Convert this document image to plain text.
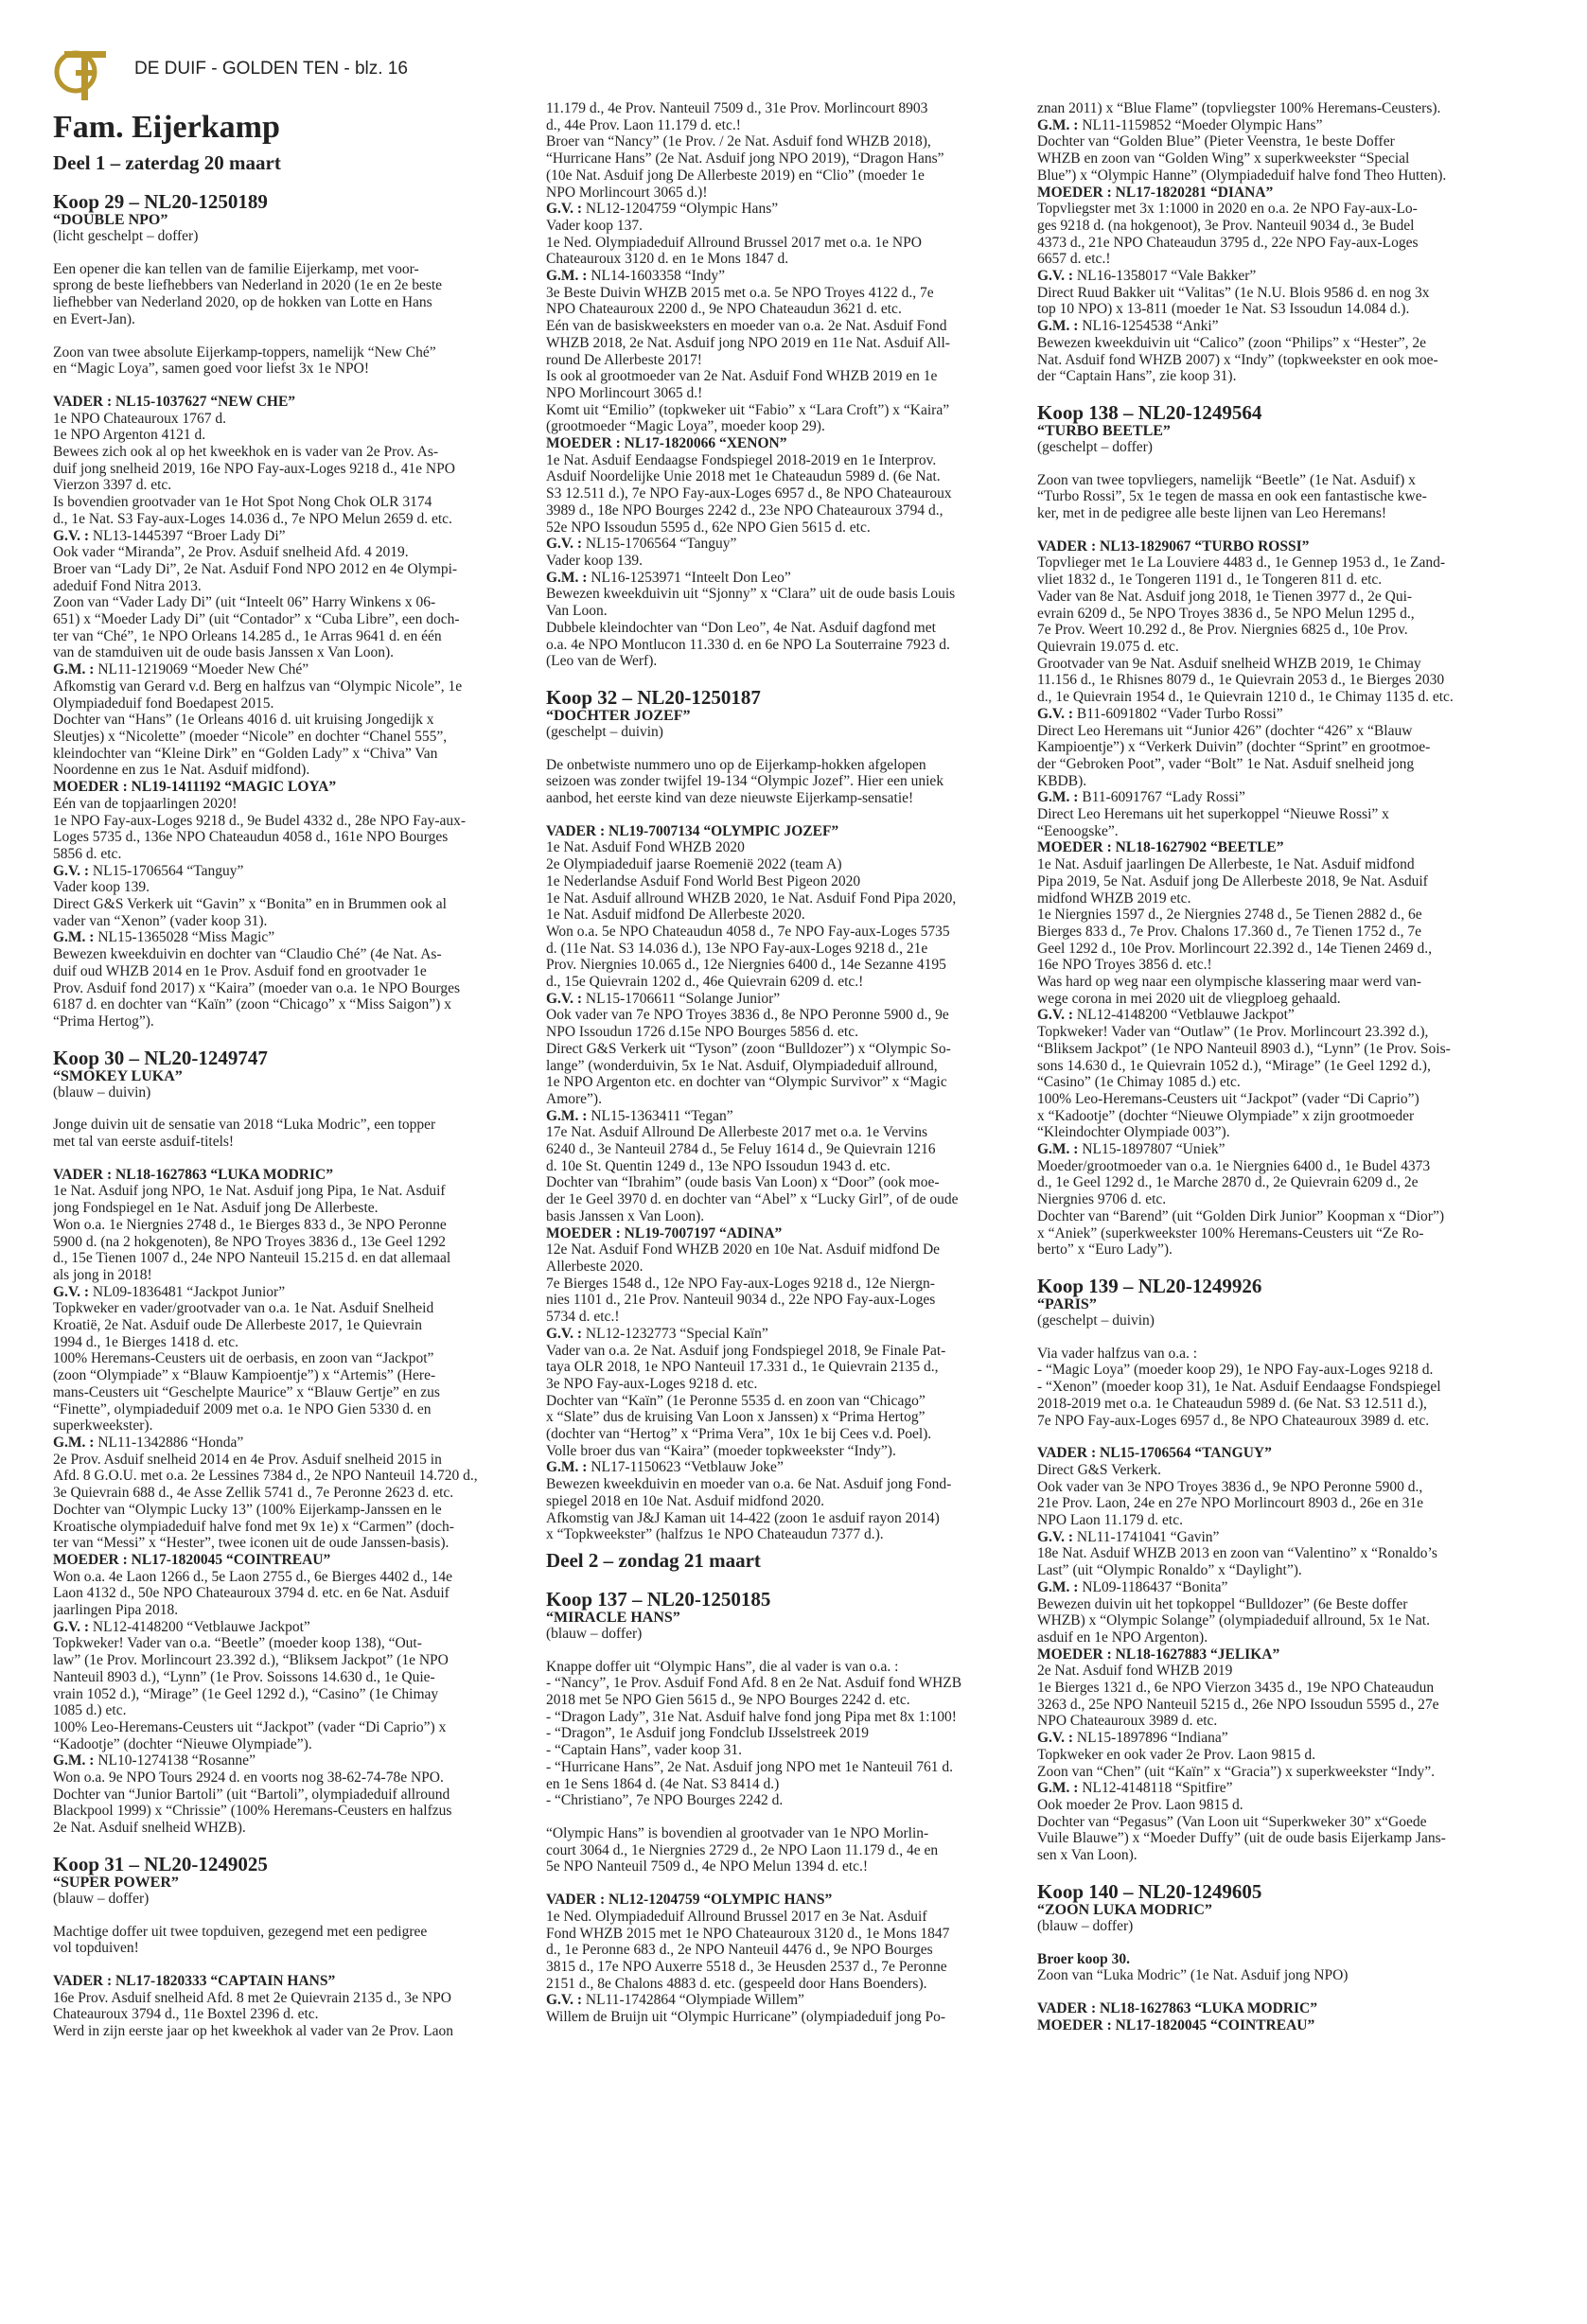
DE DUIF - GOLDEN TEN - blz. 16
Fam. Eijerkamp
Deel 1 – zaterdag 20 maart
Koop 29 – NL20-1250189
“DOUBLE NPO”
(licht geschelpt – doffer)
Een opener die kan tellen van de familie Eijerkamp, met voor-
sprong de beste liefhebbers van Nederland in 2020 (1e en 2e beste
liefhebber van Nederland 2020, op de hokken van Lotte en Hans
en Evert-Jan).
Zoon van twee absolute Eijerkamp-toppers, namelijk “New Ché”
en “Magic Loya”, samen goed voor liefst 3x 1e NPO!
VADER : NL15-1037627 “NEW CHE”
1e NPO Chateauroux 1767 d.
1e NPO Argenton 4121 d.
Bewees zich ook al op het kweekhok en is vader van 2e Prov. As-
duif jong snelheid 2019, 16e NPO Fay-aux-Loges 9218 d., 41e NPO
Vierzon 3397 d. etc.
Is bovendien grootvader van 1e Hot Spot Nong Chok OLR 3174
d., 1e Nat. S3 Fay-aux-Loges 14.036 d., 7e NPO Melun 2659 d. etc.
G.V. : NL13-1445397 “Broer Lady Di”
Ook vader “Miranda”, 2e Prov. Asduif snelheid Afd. 4 2019.
Broer van “Lady Di”, 2e Nat. Asduif Fond NPO 2012 en 4e Olympi-
adeduif Fond Nitra 2013.
Zoon van “Vader Lady Di” (uit “Inteelt 06” Harry Winkens x 06-
651) x “Moeder Lady Di” (uit “Contador” x “Cuba Libre”, een doch-
ter van “Ché”, 1e NPO Orleans 14.285 d., 1e Arras 9641 d. en één
van de stamduiven uit de oude basis Janssen x Van Loon).
G.M. : NL11-1219069 “Moeder New Ché”
Afkomstig van Gerard v.d. Berg en halfzus van “Olympic Nicole”, 1e
Olympiadeduif fond Boedapest 2015.
Dochter van “Hans” (1e Orleans 4016 d. uit kruising Jongedijk x
Sleutjes) x “Nicolette” (moeder “Nicole” en dochter “Chanel 555”,
kleindochter van “Kleine Dirk” en “Golden Lady” x “Chiva” Van
Noordenne en zus 1e Nat. Asduif midfond).
MOEDER : NL19-1411192 “MAGIC LOYA”
Eén van de topjaarlingen 2020!
1e NPO Fay-aux-Loges 9218 d., 9e Budel 4332 d., 28e NPO Fay-aux-
Loges 5735 d., 136e NPO Chateaudun 4058 d., 161e NPO Bourges
5856 d. etc.
G.V. : NL15-1706564 “Tanguy”
Vader koop 139.
Direct G&S Verkerk uit “Gavin” x “Bonita” en in Brummen ook al
vader van “Xenon” (vader koop 31).
G.M. : NL15-1365028 “Miss Magic”
Bewezen kweekduivin en dochter van “Claudio Ché” (4e Nat. As-
duif oud WHZB 2014 en 1e Prov. Asduif fond en grootvader 1e
Prov. Asduif fond 2017) x “Kaira” (moeder van o.a. 1e NPO Bourges
6187 d. en dochter van “Kaïn” (zoon “Chicago” x “Miss Saigon”) x
“Prima Hertog”).
Koop 30 – NL20-1249747
“SMOKEY LUKA”
(blauw – duivin)
Jonge duivin uit de sensatie van 2018 “Luka Modric”, een topper
met tal van eerste asduif-titels!
VADER : NL18-1627863 “LUKA MODRIC”
1e Nat. Asduif jong NPO, 1e Nat. Asduif jong Pipa, 1e Nat. Asduif
jong Fondspiegel en 1e Nat. Asduif jong De Allerbeste.
Won o.a. 1e Niergnies 2748 d., 1e Bierges 833 d., 3e NPO Peronne
5900 d. (na 2 hokgenoten), 8e NPO Troyes 3836 d., 13e Geel 1292
d., 15e Tienen 1007 d., 24e NPO Nanteuil 15.215 d. en dat allemaal
als jong in 2018!
G.V. : NL09-1836481 “Jackpot Junior”
Topkweker en vader/grootvader van o.a. 1e Nat. Asduif Snelheid
Kroatië, 2e Nat. Asduif oude De Allerbeste 2017, 1e Quievrain
1994 d., 1e Bierges 1418 d. etc.
100% Heremans-Ceusters uit de oerbasis, en zoon van “Jackpot”
(zoon “Olympiade” x “Blauw Kampioentje”) x “Artemis” (Here-
mans-Ceusters uit “Geschelpte Maurice” x “Blauw Gertje” en zus
“Finette”, olympiadeduif 2009 met o.a. 1e NPO Gien 5330 d. en
superkweekster).
G.M. : NL11-1342886 “Honda”
2e Prov. Asduif snelheid 2014 en 4e Prov. Asduif snelheid 2015 in
Afd. 8 G.O.U. met o.a. 2e Lessines 7384 d., 2e NPO Nanteuil 14.720 d.,
3e Quievrain 688 d., 4e Asse Zellik 5741 d., 7e Peronne 2623 d. etc.
Dochter van “Olympic Lucky 13” (100% Eijerkamp-Janssen en le
Kroatische olympiadeduif halve fond met 9x 1e) x “Carmen” (doch-
ter van “Messi” x “Hester”, twee iconen uit de oude Janssen-basis).
MOEDER : NL17-1820045 “COINTREAU”
Won o.a. 4e Laon 1266 d., 5e Laon 2755 d., 6e Bierges 4402 d., 14e
Laon 4132 d., 50e NPO Chateauroux 3794 d. etc. en 6e Nat. Asduif
jaarlingen Pipa 2018.
G.V. : NL12-4148200 “Vetblauwe Jackpot”
Topkweker! Vader van o.a. “Beetle” (moeder koop 138), “Out-
law” (1e Prov. Morlincourt 23.392 d.), “Bliksem Jackpot” (1e NPO
Nanteuil 8903 d.), “Lynn” (1e Prov. Soissons 14.630 d., 1e Quie-
vrain 1052 d.), “Mirage” (1e Geel 1292 d.), “Casino” (1e Chimay
1085 d.) etc.
100% Leo-Heremans-Ceusters uit “Jackpot” (vader “Di Caprio”) x
“Kadootje” (dochter “Nieuwe Olympiade”).
G.M. : NL10-1274138 “Rosanne”
Won o.a. 9e NPO Tours 2924 d. en voorts nog 38-62-74-78e NPO.
Dochter van “Junior Bartoli” (uit “Bartoli”, olympiadeduif allround
Blackpool 1999) x “Chrissie” (100% Heremans-Ceusters en halfzus
2e Nat. Asduif snelheid WHZB).
Koop 31 – NL20-1249025
“SUPER POWER”
(blauw – doffer)
Machtige doffer uit twee topduiven, gezegend met een pedigree
vol topduiven!
VADER : NL17-1820333 “CAPTAIN HANS”
16e Prov. Asduif snelheid Afd. 8 met 2e Quievrain 2135 d., 3e NPO
Chateauroux 3794 d., 11e Boxtel 2396 d. etc.
Werd in zijn eerste jaar op het kweekhok al vader van 2e Prov. Laon
11.179 d., 4e Prov. Nanteuil 7509 d., 31e Prov. Morlincourt 8903
d., 44e Prov. Laon 11.179 d. etc.!
Broer van “Nancy” (1e Prov. / 2e Nat. Asduif fond WHZB 2018),
“Hurricane Hans” (2e Nat. Asduif jong NPO 2019), “Dragon Hans”
(10e Nat. Asduif jong De Allerbeste 2019) en “Clio” (moeder 1e
NPO Morlincourt 3065 d.)!
G.V. : NL12-1204759 “Olympic Hans”
Vader koop 137.
1e Ned. Olympiadeduif Allround Brussel 2017 met o.a. 1e NPO
Chateauroux 3120 d. en 1e Mons 1847 d.
G.M. : NL14-1603358 “Indy”
3e Beste Duivin WHZB 2015 met o.a. 5e NPO Troyes 4122 d., 7e
NPO Chateauroux 2200 d., 9e NPO Chateaudun 3621 d. etc.
Eén van de basiskweeksters en moeder van o.a. 2e Nat. Asduif Fond
WHZB 2018, 2e Nat. Asduif jong NPO 2019 en 11e Nat. Asduif All-
round De Allerbeste 2017!
Is ook al grootmoeder van 2e Nat. Asduif Fond WHZB 2019 en 1e
NPO Morlincourt 3065 d.!
Komt uit “Emilio” (topkweker uit “Fabio” x “Lara Croft”) x “Kaira”
(grootmoeder “Magic Loya”, moeder koop 29).
MOEDER : NL17-1820066 “XENON”
1e Nat. Asduif Eendaagse Fondspiegel 2018-2019 en 1e Interprov.
Asduif Noordelijke Unie 2018 met 1e Chateaudun 5989 d. (6e Nat.
S3 12.511 d.), 7e NPO Fay-aux-Loges 6957 d., 8e NPO Chateauroux
3989 d., 18e NPO Bourges 2242 d., 23e NPO Chateauroux 3794 d.,
52e NPO Issoudun 5595 d., 62e NPO Gien 5615 d. etc.
G.V. : NL15-1706564 “Tanguy”
Vader koop 139.
G.M. : NL16-1253971 “Inteelt Don Leo”
Bewezen kweekduivin uit “Sjonny” x “Clara” uit de oude basis Louis
Van Loon.
Dubbele kleindochter van “Don Leo”, 4e Nat. Asduif dagfond met
o.a. 4e NPO Montlucon 11.330 d. en 6e NPO La Souterraine 7923 d.
(Leo van de Werf).
Koop 32 – NL20-1250187
“DOCHTER JOZEF”
(geschelpt – duivin)
De onbetwiste nummero uno op de Eijerkamp-hokken afgelopen
seizoen was zonder twijfel 19-134 “Olympic Jozef”. Hier een uniek
aanbod, het eerste kind van deze nieuwste Eijerkamp-sensatie!
VADER : NL19-7007134 “OLYMPIC JOZEF”
1e Nat. Asduif Fond WHZB 2020
2e Olympiadeduif jaarse Roemenië 2022 (team A)
1e Nederlandse Asduif Fond World Best Pigeon 2020
1e Nat. Asduif allround WHZB 2020, 1e Nat. Asduif Fond Pipa 2020,
1e Nat. Asduif midfond De Allerbeste 2020.
Won o.a. 5e NPO Chateaudun 4058 d., 7e NPO Fay-aux-Loges 5735
d. (11e Nat. S3 14.036 d.), 13e NPO Fay-aux-Loges 9218 d., 21e
Prov. Niergnies 10.065 d., 12e Niergnies 6400 d., 14e Sezanne 4195
d., 15e Quievrain 1202 d., 46e Quievrain 6209 d. etc.!
G.V. : NL15-1706611 “Solange Junior”
Ook vader van 7e NPO Troyes 3836 d., 8e NPO Peronne 5900 d., 9e
NPO Issoudun 1726 d.15e NPO Bourges 5856 d. etc.
Direct G&S Verkerk uit “Tyson” (zoon “Bulldozer”) x “Olympic So-
lange” (wonderduivin, 5x 1e Nat. Asduif, Olympiadeduif allround,
1e NPO Argenton etc. en dochter van “Olympic Survivor” x “Magic
Amore”).
G.M. : NL15-1363411 “Tegan”
17e Nat. Asduif Allround De Allerbeste 2017 met o.a. 1e Vervins
6240 d., 3e Nanteuil 2784 d., 5e Feluy 1614 d., 9e Quievrain 1216
d. 10e St. Quentin 1249 d., 13e NPO Issoudun 1943 d. etc.
Dochter van “Ibrahim” (oude basis Van Loon) x “Door” (ook moe-
der 1e Geel 3970 d. en dochter van “Abel” x “Lucky Girl”, of de oude
basis Janssen x Van Loon).
MOEDER : NL19-7007197 “ADINA”
12e Nat. Asduif Fond WHZB 2020 en 10e Nat. Asduif midfond De
Allerbeste 2020.
7e Bierges 1548 d., 12e NPO Fay-aux-Loges 9218 d., 12e Niergn-
nies 1101 d., 21e Prov. Nanteuil 9034 d., 22e NPO Fay-aux-Loges
5734 d. etc.!
G.V. : NL12-1232773 “Special Kaïn”
Vader van o.a. 2e Nat. Asduif jong Fondspiegel 2018, 9e Finale Pat-
taya OLR 2018, 1e NPO Nanteuil 17.331 d., 1e Quievrain 2135 d.,
3e NPO Fay-aux-Loges 9218 d. etc.
Dochter van “Kaïn” (1e Peronne 5535 d. en zoon van “Chicago”
x “Slate” dus de kruising Van Loon x Janssen) x “Prima Hertog”
(dochter van “Hertog” x “Prima Vera”, 10x 1e bij Cees v.d. Poel).
Volle broer dus van “Kaira” (moeder topkweekster “Indy”).
G.M. : NL17-1150623 “Vetblauw Joke”
Bewezen kweekduivin en moeder van o.a. 6e Nat. Asduif jong Fond-
spiegel 2018 en 10e Nat. Asduif midfond 2020.
Afkomstig van J&J Kaman uit 14-422 (zoon 1e asduif rayon 2014)
x “Topkweekster” (halfzus 1e NPO Chateaudun 7377 d.).
Deel 2 – zondag 21 maart
Koop 137 – NL20-1250185
“MIRACLE HANS”
(blauw – doffer)
Knappe doffer uit “Olympic Hans”, die al vader is van o.a. :
- “Nancy”, 1e Prov. Asduif Fond Afd. 8 en 2e Nat. Asduif fond WHZB
2018 met 5e NPO Gien 5615 d., 9e NPO Bourges 2242 d. etc.
- “Dragon Lady”, 31e Nat. Asduif halve fond jong Pipa met 8x 1:100!
- “Dragon”, 1e Asduif jong Fondclub IJsselstreek 2019
- “Captain Hans”, vader koop 31.
- “Hurricane Hans”, 2e Nat. Asduif jong NPO met 1e Nanteuil 761 d.
en 1e Sens 1864 d. (4e Nat. S3 8414 d.)
- “Christiano”, 7e NPO Bourges 2242 d.
“Olympic Hans” is bovendien al grootvader van 1e NPO Morlin-
court 3064 d., 1e Niergnies 2729 d., 2e NPO Laon 11.179 d., 4e en
5e NPO Nanteuil 7509 d., 4e NPO Melun 1394 d. etc.!
VADER : NL12-1204759 “OLYMPIC HANS”
1e Ned. Olympiadeduif Allround Brussel 2017 en 3e Nat. Asduif
Fond WHZB 2015 met 1e NPO Chateauroux 3120 d., 1e Mons 1847
d., 1e Peronne 683 d., 2e NPO Nanteuil 4476 d., 9e NPO Bourges
3815 d., 17e NPO Auxerre 5518 d., 3e Heusden 2537 d., 7e Peronne
2151 d., 8e Chalons 4883 d. etc. (gespeeld door Hans Boenders).
G.V. : NL11-1742864 “Olympiade Willem”
Willem de Bruijn uit “Olympic Hurricane” (olympiadeduif jong Po-
znan 2011) x “Blue Flame” (topvliegster 100% Heremans-Ceusters).
G.M. : NL11-1159852 “Moeder Olympic Hans”
Dochter van “Golden Blue” (Pieter Veenstra, 1e beste Doffer
WHZB en zoon van “Golden Wing” x superkweekster “Special
Blue”) x “Olympic Hanne” (Olympiadeduif halve fond Theo Hutten).
MOEDER : NL17-1820281 “DIANA”
Topvliegster met 3x 1:1000 in 2020 en o.a. 2e NPO Fay-aux-Lo-
ges 9218 d. (na hokgenoot), 3e Prov. Nanteuil 9034 d., 3e Budel
4373 d., 21e NPO Chateaudun 3795 d., 22e NPO Fay-aux-Loges
6657 d. etc.!
G.V. : NL16-1358017 “Vale Bakker”
Direct Ruud Bakker uit “Valitas” (1e N.U. Blois 9586 d. en nog 3x
top 10 NPO) x 13-811 (moeder 1e Nat. S3 Issoudun 14.084 d.).
G.M. : NL16-1254538 “Anki”
Bewezen kweekduivin uit “Calico” (zoon “Philips” x “Hester”, 2e
Nat. Asduif fond WHZB 2007) x “Indy” (topkweekster en ook moe-
der “Captain Hans”, zie koop 31).
Koop 138 – NL20-1249564
“TURBO BEETLE”
(geschelpt – doffer)
Zoon van twee topvliegers, namelijk “Beetle” (1e Nat. Asduif) x
“Turbo Rossi”, 5x 1e tegen de massa en ook een fantastische kwe-
ker, met in de pedigree alle beste lijnen van Leo Heremans!
VADER : NL13-1829067 “TURBO ROSSI”
Topvlieger met 1e La Louviere 4483 d., 1e Gennep 1953 d., 1e Zand-
vliet 1832 d., 1e Tongeren 1191 d., 1e Tongeren 811 d. etc.
Vader van 8e Nat. Asduif jong 2018, 1e Tienen 3977 d., 2e Qui-
evrain 6209 d., 5e NPO Troyes 3836 d., 5e NPO Melun 1295 d.,
7e Prov. Weert 10.292 d., 8e Prov. Niergnies 6825 d., 10e Prov.
Quievrain 19.075 d. etc.
Grootvader van 9e Nat. Asduif snelheid WHZB 2019, 1e Chimay
11.156 d., 1e Rhisnes 8079 d., 1e Quievrain 2053 d., 1e Bierges 2030
d., 1e Quievrain 1954 d., 1e Quievrain 1210 d., 1e Chimay 1135 d. etc.
G.V. : B11-6091802 “Vader Turbo Rossi”
Direct Leo Heremans uit “Junior 426” (dochter “426” x “Blauw
Kampioentje”) x “Verkerk Duivin” (dochter “Sprint” en grootmoe-
der “Gebroken Poot”, vader “Bolt” 1e Nat. Asduif snelheid jong
KBDB).
G.M. : B11-6091767 “Lady Rossi”
Direct Leo Heremans uit het superkoppel “Nieuwe Rossi” x
“Eenoogske”.
MOEDER : NL18-1627902 “BEETLE”
1e Nat. Asduif jaarlingen De Allerbeste, 1e Nat. Asduif midfond
Pipa 2019, 5e Nat. Asduif jong De Allerbeste 2018, 9e Nat. Asduif
midfond WHZB 2019 etc.
1e Niergnies 1597 d., 2e Niergnies 2748 d., 5e Tienen 2882 d., 6e
Bierges 833 d., 7e Prov. Chalons 17.360 d., 7e Tienen 1752 d., 7e
Geel 1292 d., 10e Prov. Morlincourt 22.392 d., 14e Tienen 2469 d.,
16e NPO Troyes 3856 d. etc.!
Was hard op weg naar een olympische klassering maar werd van-
wege corona in mei 2020 uit de vliegploeg gehaald.
G.V. : NL12-4148200 “Vetblauwe Jackpot”
Topkweker! Vader van “Outlaw” (1e Prov. Morlincourt 23.392 d.),
“Bliksem Jackpot” (1e NPO Nanteuil 8903 d.), “Lynn” (1e Prov. Sois-
sons 14.630 d., 1e Quievrain 1052 d.), “Mirage” (1e Geel 1292 d.),
“Casino” (1e Chimay 1085 d.) etc.
100% Leo-Heremans-Ceusters uit “Jackpot” (vader “Di Caprio”)
x “Kadootje” (dochter “Nieuwe Olympiade” x zijn grootmoeder
“Kleindochter Olympiade 003”).
G.M. : NL15-1897807 “Uniek”
Moeder/grootmoeder van o.a. 1e Niergnies 6400 d., 1e Budel 4373
d., 1e Geel 1292 d., 1e Marche 2870 d., 2e Quievrain 6209 d., 2e
Niergnies 9706 d. etc.
Dochter van “Barend” (uit “Golden Dirk Junior” Koopman x “Dior”)
x “Aniek” (superkweekster 100% Heremans-Ceusters uit “Ze Ro-
berto” x “Euro Lady”).
Koop 139 – NL20-1249926
“PARIS”
(geschelpt – duivin)
Via vader halfzus van o.a. :
- “Magic Loya” (moeder koop 29), 1e NPO Fay-aux-Loges 9218 d.
- “Xenon” (moeder koop 31), 1e Nat. Asduif Eendaagse Fondspiegel
2018-2019 met o.a. 1e Chateaudun 5989 d. (6e Nat. S3 12.511 d.),
7e NPO Fay-aux-Loges 6957 d., 8e NPO Chateauroux 3989 d. etc.
VADER : NL15-1706564 “TANGUY”
Direct G&S Verkerk.
Ook vader van 3e NPO Troyes 3836 d., 9e NPO Peronne 5900 d.,
21e Prov. Laon, 24e en 27e NPO Morlincourt 8903 d., 26e en 31e
NPO Laon 11.179 d. etc.
G.V. : NL11-1741041 “Gavin”
18e Nat. Asduif WHZB 2013 en zoon van “Valentino” x “Ronaldo’s
Last” (uit “Olympic Ronaldo” x “Daylight”).
G.M. : NL09-1186437 “Bonita”
Bewezen duivin uit het topkoppel “Bulldozer” (6e Beste doffer
WHZB) x “Olympic Solange” (olympiadeduif allround, 5x 1e Nat.
asduif en 1e NPO Argenton).
MOEDER : NL18-1627883 “JELIKA”
2e Nat. Asduif fond WHZB 2019
1e Bierges 1321 d., 6e NPO Vierzon 3435 d., 19e NPO Chateaudun
3263 d., 25e NPO Nanteuil 5215 d., 26e NPO Issoudun 5595 d., 27e
NPO Chateauroux 3989 d. etc.
G.V. : NL15-1897896 “Indiana”
Topkweker en ook vader 2e Prov. Laon 9815 d.
Zoon van “Chen” (uit “Kaïn” x “Gracia”) x superkweekster “Indy”.
G.M. : NL12-4148118 “Spitfire”
Ook moeder 2e Prov. Laon 9815 d.
Dochter van “Pegasus” (Van Loon uit “Superkweker 30” x“Goede
Vuile Blauwe”) x “Moeder Duffy” (uit de oude basis Eijerkamp Jans-
sen x Van Loon).
Koop 140 – NL20-1249605
“ZOON LUKA MODRIC”
(blauw – doffer)
Broer koop 30.
Zoon van “Luka Modric” (1e Nat. Asduif jong NPO)
VADER : NL18-1627863 “LUKA MODRIC”
MOEDER : NL17-1820045 “COINTREAU”
